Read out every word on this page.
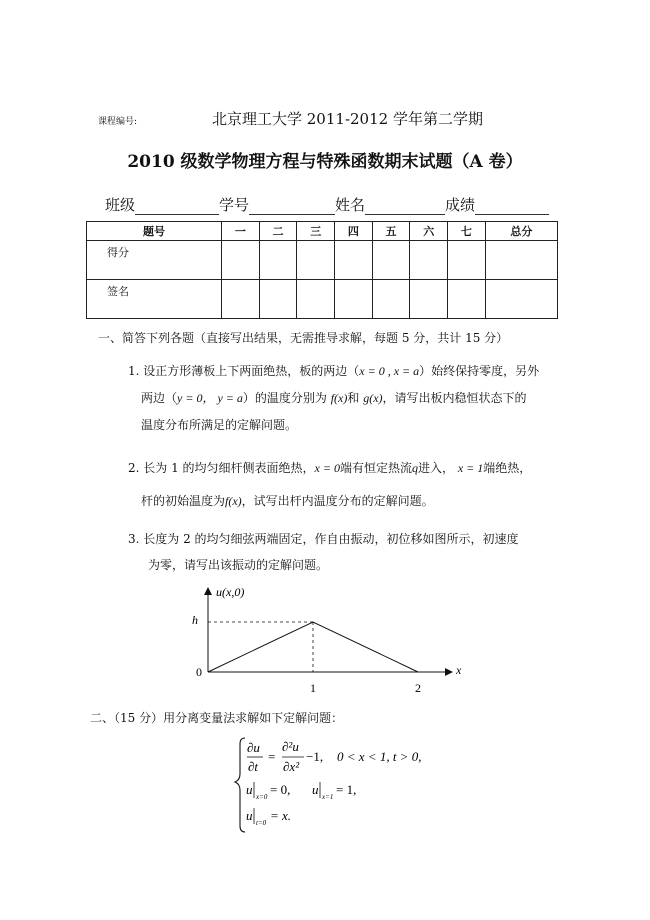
课程编号:	北京理工大学 2011-2012 学年第二学期
2010 级数学物理方程与特殊函数期末试题（A 卷）
班级	学号	姓名	成绩
题号	一	二	三	四	五	六	七	总分
得分								
签名								
一、简答下列各题（直接写出结果，无需推导求解，每题 5 分，共计 15 分）
1. 设正方形薄板上下两面绝热，板的两边（x = 0 , x = a）始终保持零度，另外
两边（y = 0， y = a）的温度分别为 f(x)和 g(x)，请写出板内稳恒状态下的
温度分布所满足的定解问题。
2. 长为 1 的均匀细杆侧表面绝热，x = 0端有恒定热流q进入， x = 1端绝热，
杆的初始温度为f(x)，试写出杆内温度分布的定解问题。
3. 长度为 2 的均匀细弦两端固定，作自由振动，初位移如图所示，初速度
为零，请写出该振动的定解问题。
u(x,0)
x
h
0
1	2
二、（15 分）用分离变量法求解如下定解问题：
∂u
∂t
=
∂²u
∂x²
−1, 0 < x < 1, t > 0,
u x=0 = 0, u x=1 = 1,
u t=0 = x.
